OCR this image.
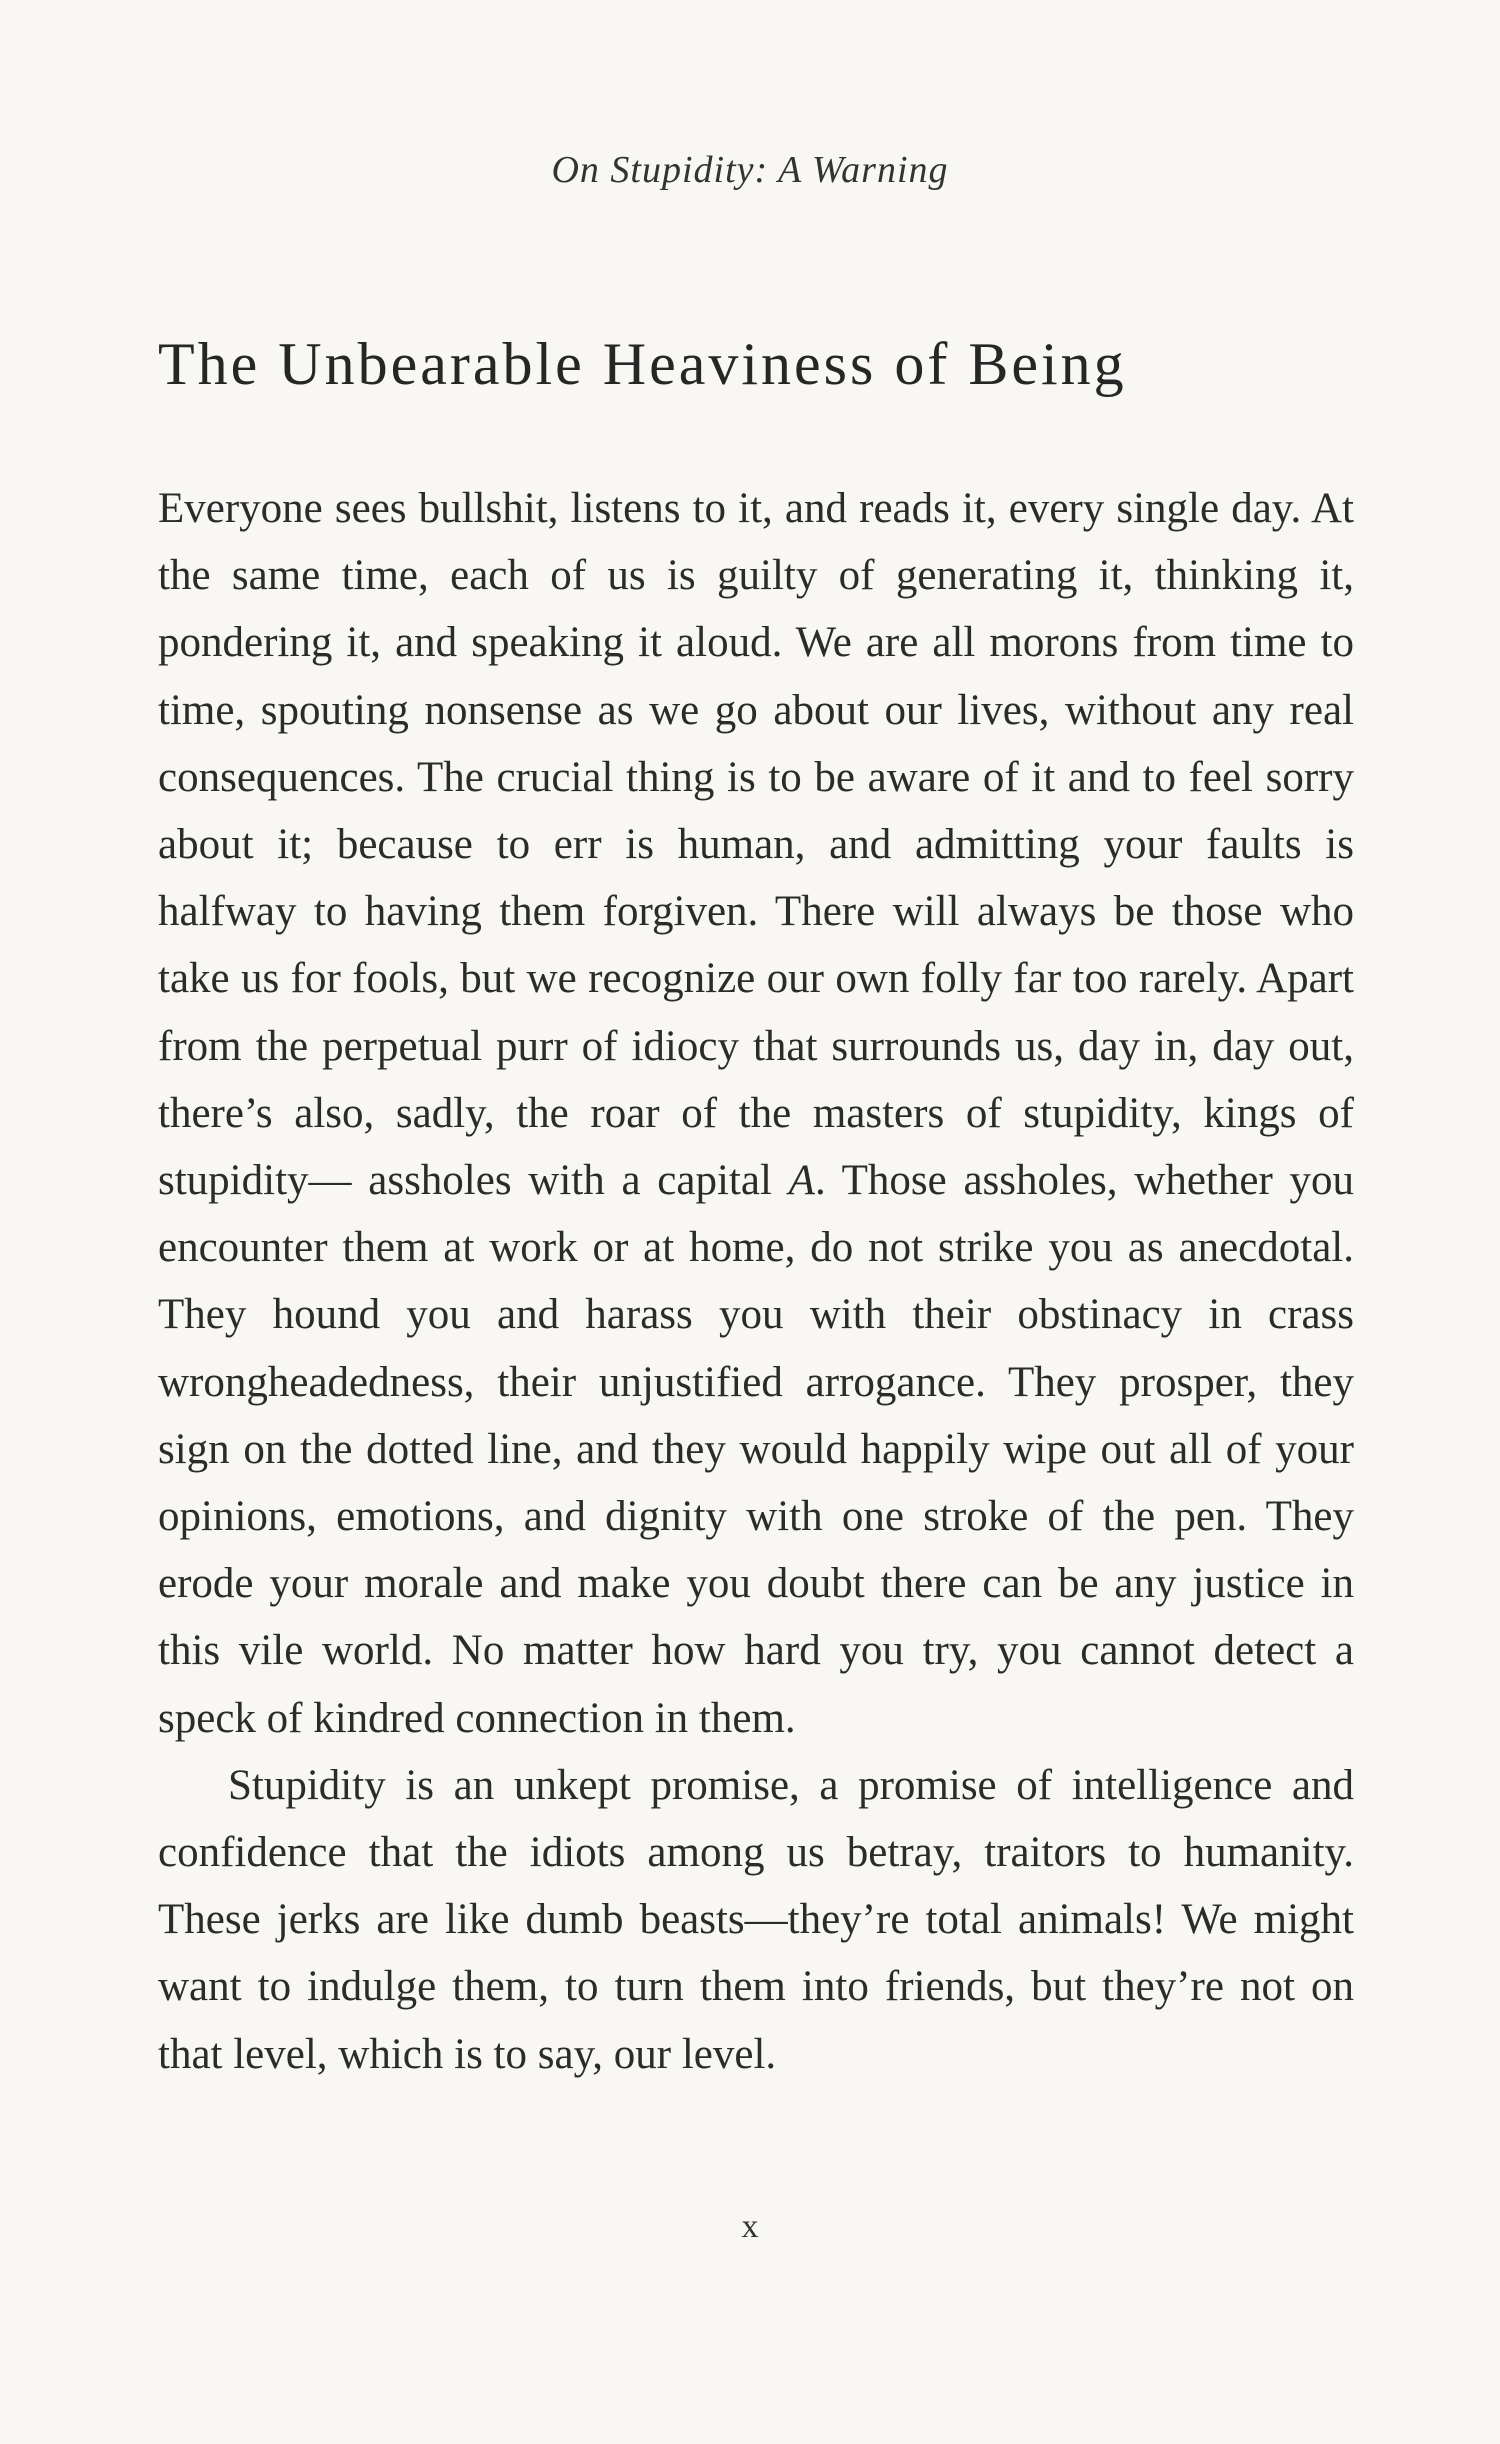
On Stupidity: A Warning
The Unbearable Heaviness of Being

Everyone sees bullshit, listens to it, and reads it, every single day. At the same time, each of us is guilty of generating it, thinking it, pondering it, and speaking it aloud. We are all morons from time to time, spouting nonsense as we go about our lives, without any real consequences. The crucial thing is to be aware of it and to feel sorry about it; because to err is human, and admitting your faults is halfway to having them forgiven. There will always be those who take us for fools, but we recognize our own folly far too rarely. Apart from the perpetual purr of idiocy that surrounds us, day in, day out, there’s also, sadly, the roar of the masters of stupidity, kings of stupidity— assholes with a capital A. Those assholes, whether you encounter them at work or at home, do not strike you as anecdotal. They hound you and harass you with their obstinacy in crass wrongheadedness, their unjustified arrogance. They prosper, they sign on the dotted line, and they would happily wipe out all of your opinions, emotions, and dignity with one stroke of the pen. They erode your morale and make you doubt there can be any justice in this vile world. No matter how hard you try, you cannot detect a speck of kindred connection in them.

Stupidity is an unkept promise, a promise of intelligence and confidence that the idiots among us betray, traitors to humanity. These jerks are like dumb beasts—they’re total animals! We might want to indulge them, to turn them into friends, but they’re not on that level, which is to say, our level.

x
